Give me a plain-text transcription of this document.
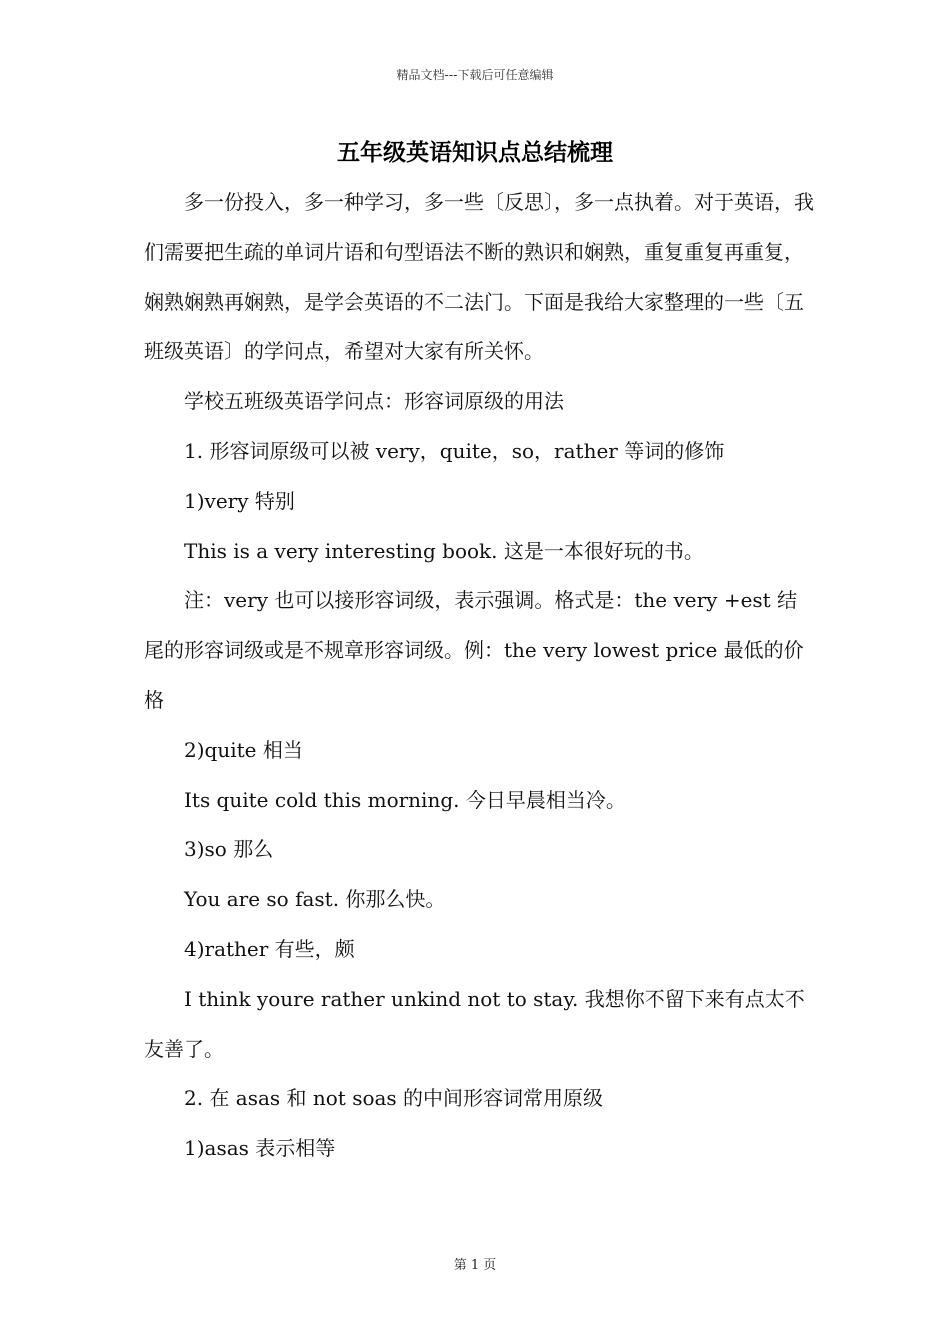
精品文档---下载后可任意编辑
五年级英语知识点总结梳理

多一份投入，多一种学习，多一些〔反思〕，多一点执着。对于英语，我们需要把生疏的单词片语和句型语法不断的熟识和娴熟，重复重复再重复，娴熟娴熟再娴熟，是学会英语的不二法门。下面是我给大家整理的一些〔五班级英语〕的学问点，希望对大家有所关怀。

学校五班级英语学问点：形容词原级的用法

1. 形容词原级可以被 very，quite，so，rather 等词的修饰

1)very 特别

This is a very interesting book. 这是一本很好玩的书。

注：very 也可以接形容词级，表示强调。格式是：the very +est 结尾的形容词级或是不规章形容词级。例：the very lowest price 最低的价格

2)quite 相当

Its quite cold this morning. 今日早晨相当冷。

3)so 那么

You are so fast. 你那么快。

4)rather 有些，颇

I think youre rather unkind not to stay. 我想你不留下来有点太不友善了。

2. 在 asas 和 not soas 的中间形容词常用原级

1)asas 表示相等

第 1 页
